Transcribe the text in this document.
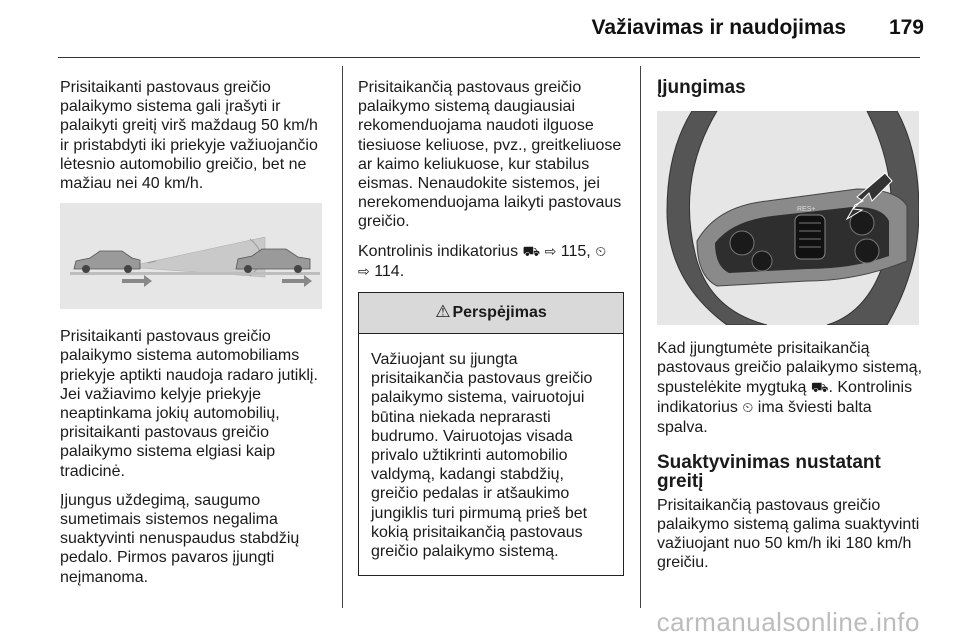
Važiavimas ir naudojimas 179

Prisitaikanti pastovaus greičio palaikymo sistema gali įrašyti ir palaikyti greitį virš maždaug 50 km/h ir pristabdyti iki priekyje važiuojančio lėtesnio automobilio greičio, bet ne mažiau nei 40 km/h.

Prisitaikanti pastovaus greičio palaikymo sistema automobiliams priekyje aptikti naudoja radaro jutiklį. Jei važiavimo kelyje priekyje neaptinkama jokių automobilių, prisitaikanti pastovaus greičio palaikymo sistema elgiasi kaip tradicinė.

Įjungus uždegimą, saugumo sumetimais sistemos negalima suaktyvinti nenuspaudus stabdžių pedalo. Pirmos pavaros įjungti neįmanoma.

Prisitaikančią pastovaus greičio palaikymo sistemą daugiausiai rekomenduojama naudoti ilguose tiesiuose keliuose, pvz., greitkeliuose ar kaimo keliukuose, kur stabilus eismas. Nenaudokite sistemos, jei nerekomenduojama laikyti pastovaus greičio.

Kontrolinis indikatorius ⛟ ⇨ 115, ⏲
⇨ 114.

⚠ Perspėjimas
Važiuojant su įjungta prisitaikančia pastovaus greičio palaikymo sistema, vairuotojui būtina niekada neprarasti budrumo. Vairuotojas visada privalo užtikrinti automobilio valdymą, kadangi stabdžių, greičio pedalas ir atšaukimo jungiklis turi pirmumą prieš bet kokią prisitaikančią pastovaus greičio palaikymo sistemą.
Įjungimas
RES+

Kad įjungtumėte prisitaikančią pastovaus greičio palaikymo sistemą, spustelėkite mygtuką ⛟. Kontrolinis indikatorius ⏲ ima šviesti balta spalva.

Suaktyvinimas nustatant greitį

Prisitaikančią pastovaus greičio palaikymo sistemą galima suaktyvinti važiuojant nuo 50 km/h iki 180 km/h greičiu.

carmanualsonline.info
